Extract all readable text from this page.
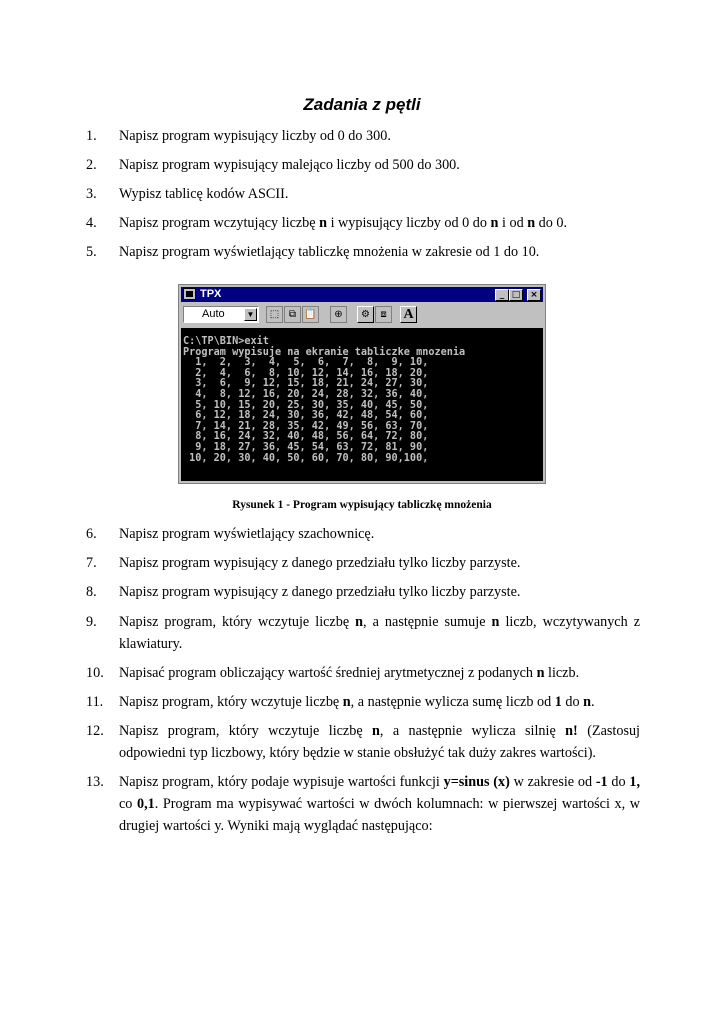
Zadania z pętli
1. Napisz program wypisujący liczby od 0 do 300.
2. Napisz program wypisujący malejąco liczby od 500 do 300.
3. Wypisz tablicę kodów ASCII.
4. Napisz program wczytujący liczbę n i wypisujący liczby od 0 do n i od n do 0.
5. Napisz program wyświetlający tabliczkę mnożenia w zakresie od 1 do 10.
TPX	_ □	×
Auto	▼	⬚ ⧉ 📋	⊕	⚙	⧈	A
C:\TP\BIN>exit
Program wypisuje na ekranie tabliczke mnozenia
1,  2,  3,  4,  5,  6,  7,  8,  9, 10,
2,  4,  6,  8, 10, 12, 14, 16, 18, 20,
3,  6,  9, 12, 15, 18, 21, 24, 27, 30,
4,  8, 12, 16, 20, 24, 28, 32, 36, 40,
5, 10, 15, 20, 25, 30, 35, 40, 45, 50,
6, 12, 18, 24, 30, 36, 42, 48, 54, 60,
7, 14, 21, 28, 35, 42, 49, 56, 63, 70,
8, 16, 24, 32, 40, 48, 56, 64, 72, 80,
9, 18, 27, 36, 45, 54, 63, 72, 81, 90,
10, 20, 30, 40, 50, 60, 70, 80, 90,100,
Rysunek 1 - Program wypisujący tabliczkę mnożenia
6. Napisz program wyświetlający szachownicę.
7. Napisz program wypisujący z danego przedziału tylko liczby parzyste.
8. Napisz program wypisujący z danego przedziału tylko liczby parzyste.
9. Napisz program, który wczytuje liczbę n, a następnie sumuje n liczb, wczytywanych z klawiatury.
10. Napisać program obliczający wartość średniej arytmetycznej z podanych n liczb.
11. Napisz program, który wczytuje liczbę n, a następnie wylicza sumę liczb od 1 do n.
12. Napisz program, który wczytuje liczbę n, a następnie wylicza silnię n! (Zastosuj odpowiedni typ liczbowy, który będzie w stanie obsłużyć tak duży zakres wartości).
13. Napisz program, który podaje wypisuje wartości funkcji y=sinus (x) w zakresie od -1 do 1, co 0,1. Program ma wypisywać wartości w dwóch kolumnach: w pierwszej wartości x, w drugiej wartości y. Wyniki mają wyglądać następująco:
